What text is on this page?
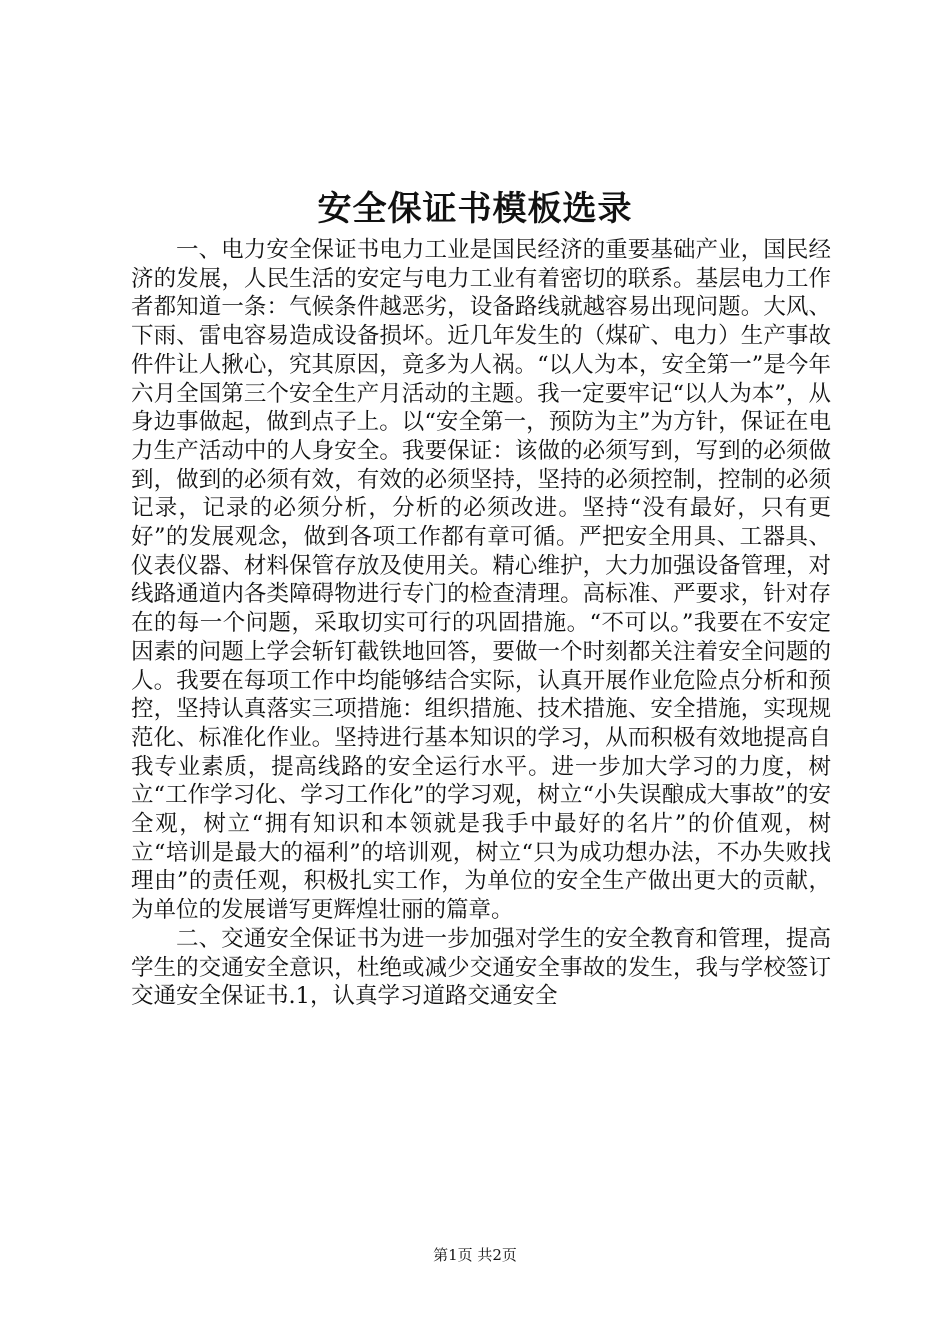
安全保证书模板选录

一、电力安全保证书电力工业是国民经济的重要基础产业，国民经济的发展，人民生活的安定与电力工业有着密切的联系。基层电力工作者都知道一条：气候条件越恶劣，设备路线就越容易出现问题。大风、下雨、雷电容易造成设备损坏。近几年发生的（煤矿、电力）生产事故件件让人揪心，究其原因，竟多为人祸。“以人为本，安全第一”是今年六月全国第三个安全生产月活动的主题。我一定要牢记“以人为本”，从身边事做起，做到点子上。以“安全第一，预防为主”为方针，保证在电力生产活动中的人身安全。我要保证：该做的必须写到，写到的必须做到，做到的必须有效，有效的必须坚持，坚持的必须控制，控制的必须记录，记录的必须分析，分析的必须改进。坚持“没有最好，只有更好”的发展观念，做到各项工作都有章可循。严把安全用具、工器具、仪表仪器、材料保管存放及使用关。精心维护，大力加强设备管理，对线路通道内各类障碍物进行专门的检查清理。高标准、严要求，针对存在的每一个问题，采取切实可行的巩固措施。“不可以。”我要在不安定因素的问题上学会斩钉截铁地回答，要做一个时刻都关注着安全问题的人。我要在每项工作中均能够结合实际，认真开展作业危险点分析和预控，坚持认真落实三项措施：组织措施、技术措施、安全措施，实现规范化、标准化作业。坚持进行基本知识的学习，从而积极有效地提高自我专业素质，提高线路的安全运行水平。进一步加大学习的力度，树立“工作学习化、学习工作化”的学习观，树立“小失误酿成大事故”的安全观，树立“拥有知识和本领就是我手中最好的名片”的价值观，树立“培训是最大的福利”的培训观，树立“只为成功想办法，不办失败找理由”的责任观，积极扎实工作，为单位的安全生产做出更大的贡献，为单位的发展谱写更辉煌壮丽的篇章。

二、交通安全保证书为进一步加强对学生的安全教育和管理，提高学生的交通安全意识，杜绝或减少交通安全事故的发生，我与学校签订交通安全保证书.1，认真学习道路交通安全

第1页 共2页
